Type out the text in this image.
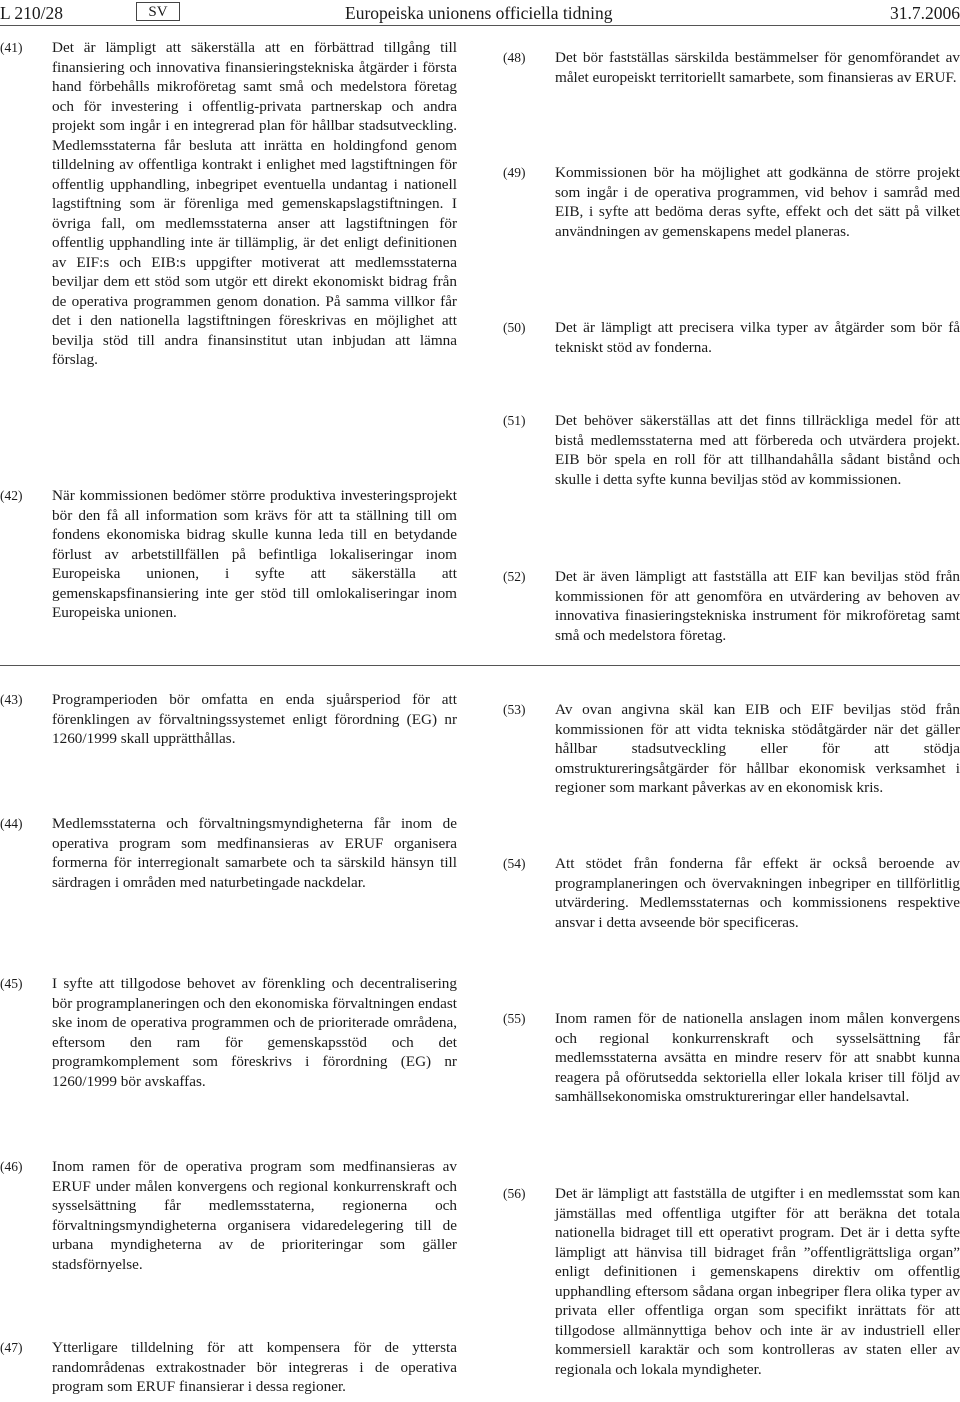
L 210/28	SV	Europeiska unionens officiella tidning	31.7.2006
(41)	Det är lämpligt att säkerställa att en förbättrad tillgång till finansiering och innovativa finansieringstekniska åtgärder i första hand förbehålls mikroföretag samt små och medelstora företag och för investering i offentlig-privata partnerskap och andra projekt som ingår i en integrerad plan för hållbar stadsutveckling. Medlemsstaterna får besluta att inrätta en holdingfond genom tilldelning av offentliga kontrakt i enlighet med lagstiftningen för offentlig upphandling, inbegripet eventuella undantag i nationell lagstiftning som är förenliga med gemenskapslagstiftningen. I övriga fall, om medlemsstaterna anser att lagstiftningen för offentlig upphandling inte är tillämplig, är det enligt definitionen av EIF:s och EIB:s uppgifter motiverat att medlemsstaterna beviljar dem ett stöd som utgör ett direkt ekonomiskt bidrag från de operativa programmen genom donation. På samma villkor får det i den nationella lagstiftningen föreskrivas en möjlighet att bevilja stöd till andra finansinstitut utan inbjudan att lämna förslag.
(42)	När kommissionen bedömer större produktiva investeringsprojekt bör den få all information som krävs för att ta ställning till om fondens ekonomiska bidrag skulle kunna leda till en betydande förlust av arbetstillfällen på befintliga lokaliseringar inom Europeiska unionen, i syfte att säkerställa att gemenskapsfinansiering inte ger stöd till omlokaliseringar inom Europeiska unionen.
(48)	Det bör fastställas särskilda bestämmelser för genomförandet av målet europeiskt territoriellt samarbete, som finansieras av ERUF.
(49)	Kommissionen bör ha möjlighet att godkänna de större projekt som ingår i de operativa programmen, vid behov i samråd med EIB, i syfte att bedöma deras syfte, effekt och det sätt på vilket användningen av gemenskapens medel planeras.
(50)	Det är lämpligt att precisera vilka typer av åtgärder som bör få tekniskt stöd av fonderna.
(51)	Det behöver säkerställas att det finns tillräckliga medel för att bistå medlemsstaterna med att förbereda och utvärdera projekt. EIB bör spela en roll för att tillhandahålla sådant bistånd och skulle i detta syfte kunna beviljas stöd av kommissionen.
(52)	Det är även lämpligt att fastställa att EIF kan beviljas stöd från kommissionen för att genomföra en utvärdering av behoven av innovativa finasieringstekniska instrument för mikroföretag samt små och medelstora företag.
(43)	Programperioden bör omfatta en enda sjuårsperiod för att förenklingen av förvaltningssystemet enligt förordning (EG) nr 1260/1999 skall upprätthållas.
(44)	Medlemsstaterna och förvaltningsmyndigheterna får inom de operativa program som medfinansieras av ERUF organisera formerna för interregionalt samarbete och ta särskild hänsyn till särdragen i områden med naturbetingade nackdelar.
(45)	I syfte att tillgodose behovet av förenkling och decentralisering bör programplaneringen och den ekonomiska förvaltningen endast ske inom de operativa programmen och de prioriterade områdena, eftersom den ram för gemenskapsstöd och det programkomplement som föreskrivs i förordning (EG) nr 1260/1999 bör avskaffas.
(46)	Inom ramen för de operativa program som medfinansieras av ERUF under målen konvergens och regional konkurrenskraft och sysselsättning får medlemsstaterna, regionerna och förvaltningsmyndigheterna organisera vidaredelegering till de urbana myndigheterna av de prioriteringar som gäller stadsförnyelse.
(47)	Ytterligare tilldelning för att kompensera för de yttersta randområdenas extrakostnader bör integreras i de operativa program som ERUF finansierar i dessa regioner.
(53)	Av ovan angivna skäl kan EIB och EIF beviljas stöd från kommissionen för att vidta tekniska stödåtgärder när det gäller hållbar stadsutveckling eller för att stödja omstruktureringsåtgärder för hållbar ekonomisk verksamhet i regioner som markant påverkas av en ekonomisk kris.
(54)	Att stödet från fonderna får effekt är också beroende av programplaneringen och övervakningen inbegriper en tillförlitlig utvärdering. Medlemsstaternas och kommissionens respektive ansvar i detta avseende bör specificeras.
(55)	Inom ramen för de nationella anslagen inom målen konvergens och regional konkurrenskraft och sysselsättning får medlemsstaterna avsätta en mindre reserv för att snabbt kunna reagera på oförutsedda sektoriella eller lokala kriser till följd av samhällsekonomiska omstruktureringar eller handelsavtal.
(56)	Det är lämpligt att fastställa de utgifter i en medlemsstat som kan jämställas med offentliga utgifter för att beräkna det totala nationella bidraget till ett operativt program. Det är i detta syfte lämpligt att hänvisa till bidraget från ”offentligrättsliga organ” enligt definitionen i gemenskapens direktiv om offentlig upphandling eftersom sådana organ inbegriper flera olika typer av privata eller offentliga organ som specifikt inrättats för att tillgodose allmännyttiga behov och inte är av industriell eller kommersiell karaktär och som kontrolleras av staten eller av regionala och lokala myndigheter.
